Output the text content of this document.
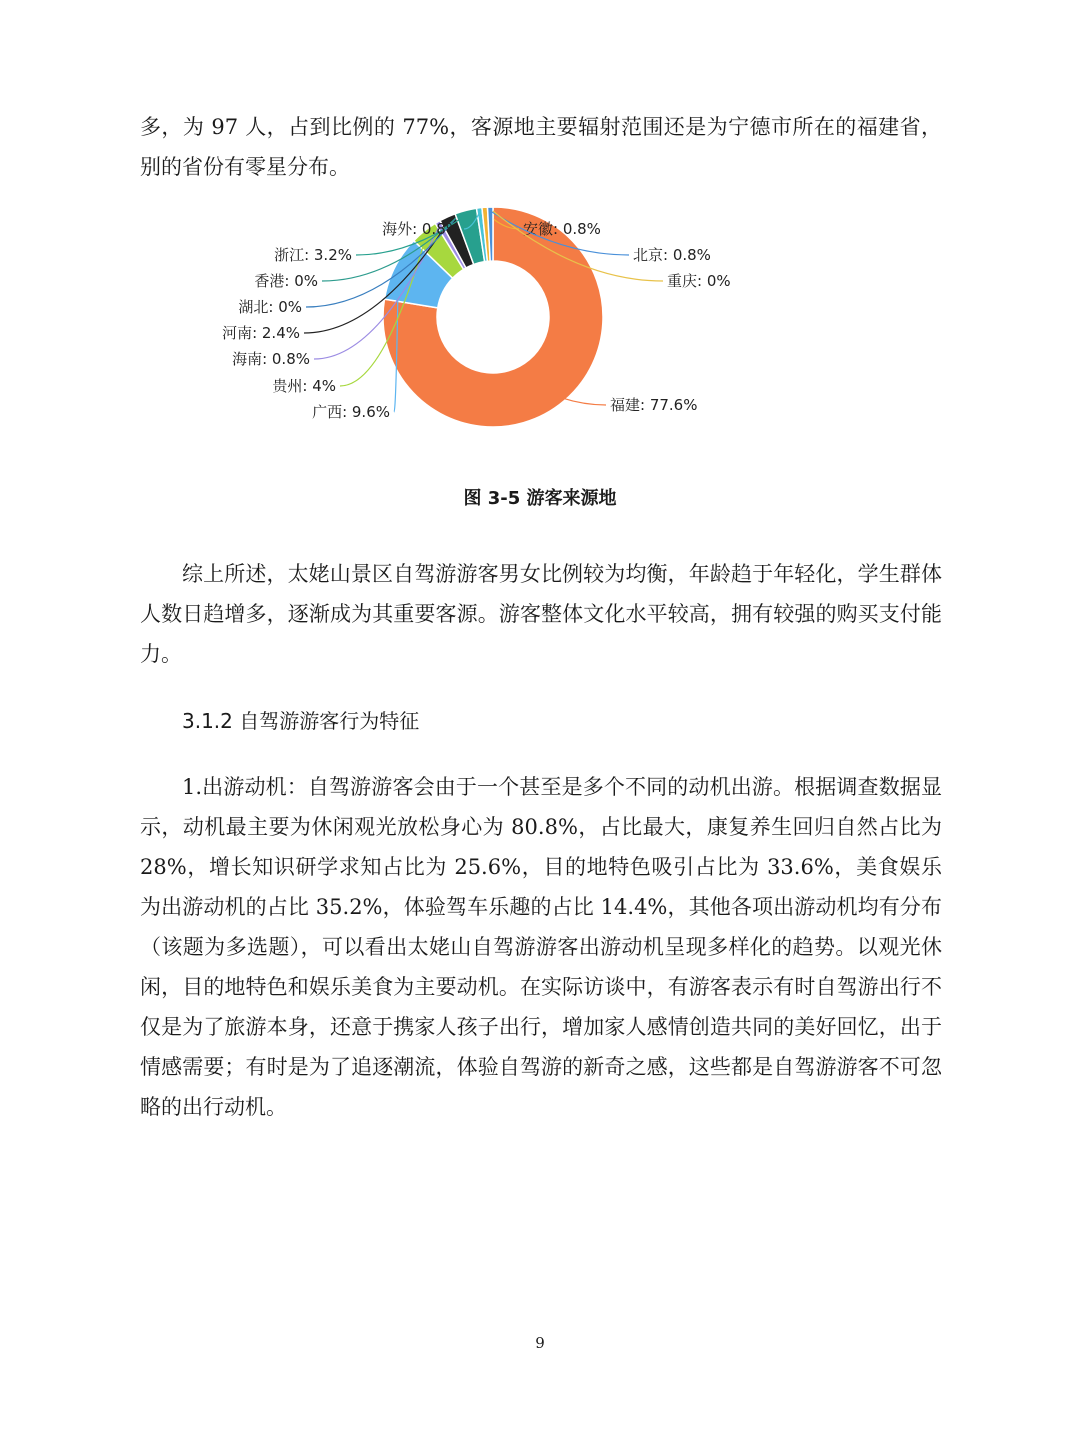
多，为 97 人，占到比例的 77%，客源地主要辐射范围还是为宁德市所在的福建省，别的省份有零星分布。

福建: 77.6%
广西: 9.6%
贵州: 4%
海南: 0.8%
河南: 2.4%
湖北: 0%
香港: 0%
浙江: 3.2%
海外: 0.8%	安徽: 0.8%
北京: 0.8%
重庆: 0%
图 3-5 游客来源地

综上所述，太姥山景区自驾游游客男女比例较为均衡，年龄趋于年轻化，学生群体人数日趋增多，逐渐成为其重要客源。游客整体文化水平较高，拥有较强的购买支付能力。

3.1.2 自驾游游客行为特征

1.出游动机：自驾游游客会由于一个甚至是多个不同的动机出游。根据调查数据显示，动机最主要为休闲观光放松身心为 80.8%，占比最大，康复养生回归自然占比为 28%，增长知识研学求知占比为 25.6%，目的地特色吸引占比为 33.6%，美食娱乐为出游动机的占比 35.2%，体验驾车乐趣的占比 14.4%，其他各项出游动机均有分布（该题为多选题），可以看出太姥山自驾游游客出游动机呈现多样化的趋势。以观光休闲，目的地特色和娱乐美食为主要动机。在实际访谈中，有游客表示有时自驾游出行不仅是为了旅游本身，还意于携家人孩子出行，增加家人感情创造共同的美好回忆，出于情感需要；有时是为了追逐潮流，体验自驾游的新奇之感，这些都是自驾游游客不可忽略的出行动机。

9
